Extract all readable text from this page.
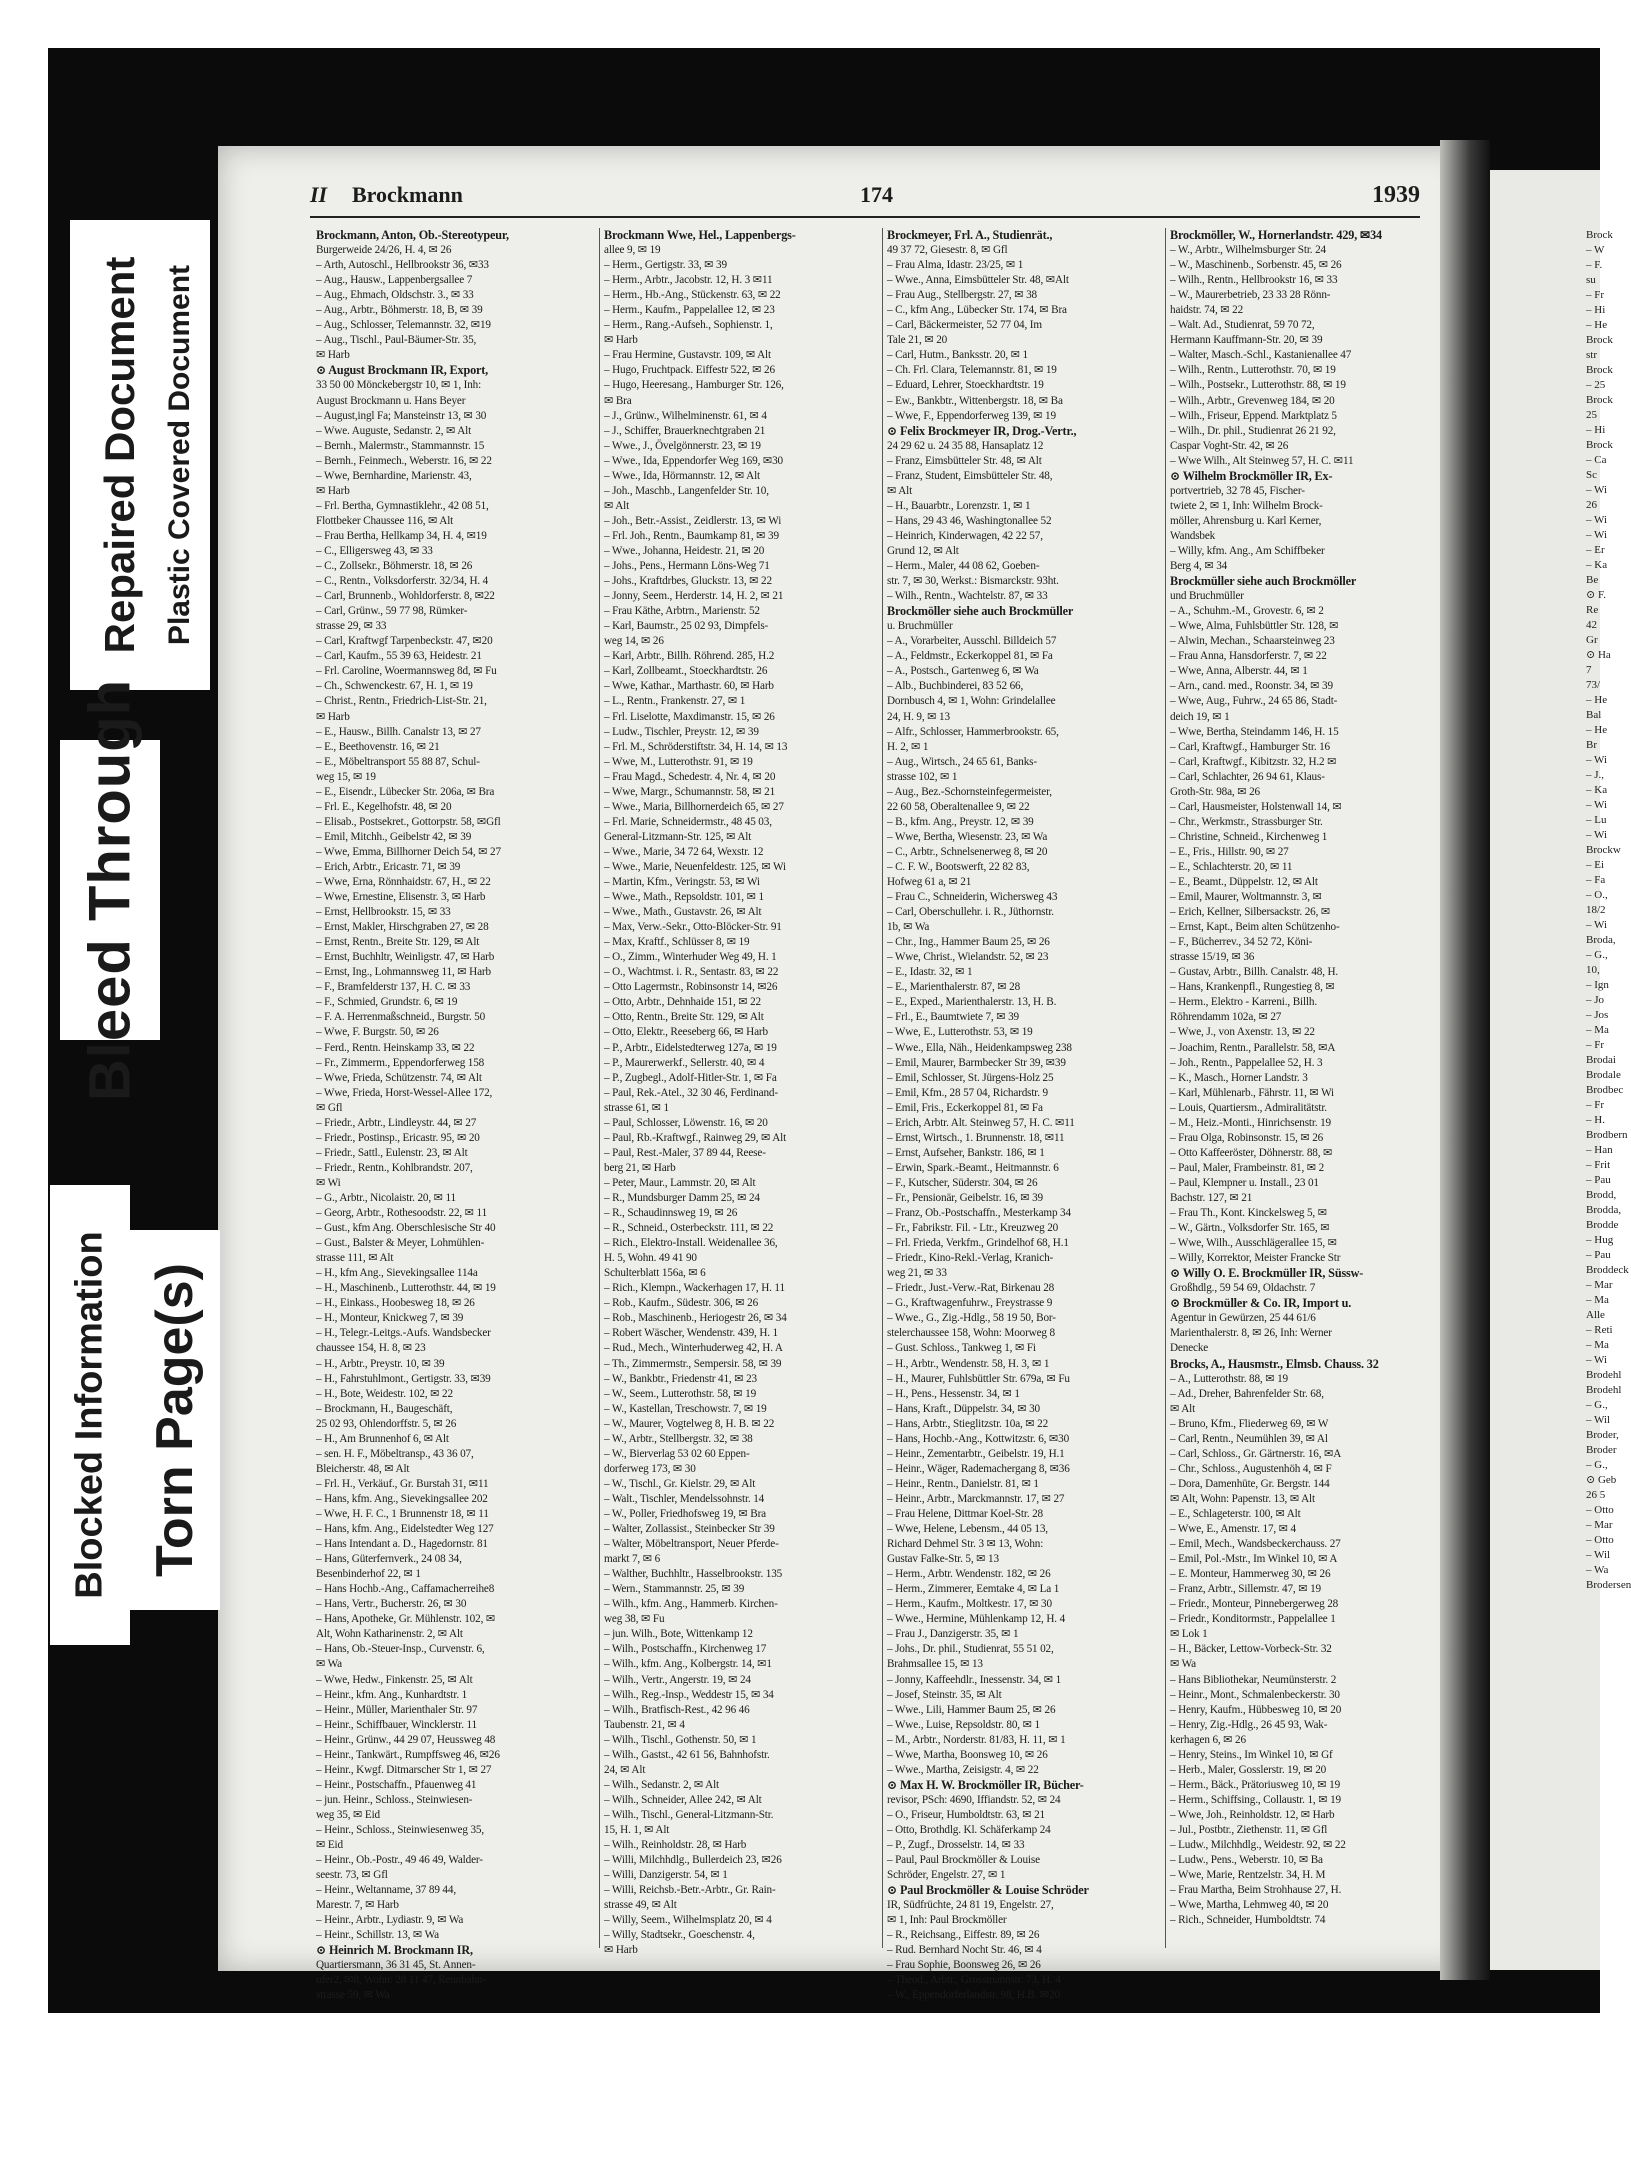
II Brockmann	174	1939
Brockmann, Anton, Ob.-Stereotypeur,
Burgerweide 24/26, H. 4, ✉ 26
– Arth, Autoschl., Hellbrookstr 36, ✉33
– Aug., Hausw., Lappenbergsallee 7
– Aug., Ehmach, Oldschstr. 3., ✉ 33
– Aug., Arbtr., Böhmerstr. 18, B, ✉ 39
– Aug., Schlosser, Telemannstr. 32, ✉19
– Aug., Tischl., Paul-Bäumer-Str. 35,
✉ Harb
⊙ August Brockmann IR, Export,
33 50 00 Mönckebergstr 10, ✉ 1, Inh:
August Brockmann u. Hans Beyer
– August,ingl Fa; Mansteinstr 13, ✉ 30
– Wwe. Auguste, Sedanstr. 2, ✉ Alt
– Bernh., Malermstr., Stammannstr. 15
– Bernh., Feinmech., Weberstr. 16, ✉ 22
– Wwe, Bernhardine, Marienstr. 43,
✉ Harb
– Frl. Bertha, Gymnastiklehr., 42 08 51,
Flottbeker Chaussee 116, ✉ Alt
– Frau Bertha, Hellkamp 34, H. 4, ✉19
– C., Elligersweg 43, ✉ 33
– C., Zollsekr., Böhmerstr. 18, ✉ 26
– C., Rentn., Volksdorferstr. 32/34, H. 4
– Carl, Brunnenb., Wohldorferstr. 8, ✉22
– Carl, Grünw., 59 77 98, Rümker-
strasse 29, ✉ 33
– Carl, Kraftwgf Tarpenbeckstr. 47, ✉20
– Carl, Kaufm., 55 39 63, Heidestr. 21
– Frl. Caroline, Woermannsweg 8d, ✉ Fu
– Ch., Schwenckestr. 67, H. 1, ✉ 19
– Christ., Rentn., Friedrich-List-Str. 21,
✉ Harb
– E., Hausw., Billh. Canalstr 13, ✉ 27
– E., Beethovenstr. 16, ✉ 21
– E., Möbeltransport 55 88 87, Schul-
weg 15, ✉ 19
– E., Eisendr., Lübecker Str. 206a, ✉ Bra
– Frl. E., Kegelhofstr. 48, ✉ 20
– Elisab., Postsekret., Gottorpstr. 58, ✉Gfl
– Emil, Mitchh., Geibelstr 42, ✉ 39
– Wwe, Emma, Billhorner Deich 54, ✉ 27
– Erich, Arbtr., Ericastr. 71, ✉ 39
– Wwe, Erna, Rönnhaidstr. 67, H., ✉ 22
– Wwe, Ernestine, Elisenstr. 3, ✉ Harb
– Ernst, Hellbrookstr. 15, ✉ 33
– Ernst, Makler, Hirschgraben 27, ✉ 28
– Ernst, Rentn., Breite Str. 129, ✉ Alt
– Ernst, Buchhltr, Weinligstr. 47, ✉ Harb
– Ernst, Ing., Lohmannsweg 11, ✉ Harb
– F., Bramfelderstr 137, H. C. ✉ 33
– F., Schmied, Grundstr. 6, ✉ 19
– F. A. Herrenmaßschneid., Burgstr. 50
– Wwe, F. Burgstr. 50, ✉ 26
– Ferd., Rentn. Heinskamp 33, ✉ 22
– Fr., Zimmerm., Eppendorferweg 158
– Wwe, Frieda, Schützenstr. 74, ✉ Alt
– Wwe, Frieda, Horst-Wessel-Allee 172,
✉ Gfl
– Friedr., Arbtr., Lindleystr. 44, ✉ 27
– Friedr., Postinsp., Ericastr. 95, ✉ 20
– Friedr., Sattl., Eulenstr. 23, ✉ Alt
– Friedr., Rentn., Kohlbrandstr. 207,
✉ Wi
– G., Arbtr., Nicolaistr. 20, ✉ 11
– Georg, Arbtr., Rothesoodstr. 22, ✉ 11
– Gust., kfm Ang. Oberschlesische Str 40
– Gust., Balster & Meyer, Lohmühlen-
strasse 111, ✉ Alt
– H., kfm Ang., Sievekingsallee 114a
– H., Maschinenb., Lutterothstr. 44, ✉ 19
– H., Einkass., Hoobesweg 18, ✉ 26
– H., Monteur, Knickweg 7, ✉ 39
– H., Telegr.-Leitgs.-Aufs. Wandsbecker
chaussee 154, H. 8, ✉ 23
– H., Arbtr., Preystr. 10, ✉ 39
– H., Fahrstuhlmont., Gertigstr. 33, ✉39
– H., Bote, Weidestr. 102, ✉ 22
– Brockmann, H., Baugeschäft,
25 02 93, Ohlendorffstr. 5, ✉ 26
– H., Am Brunnenhof 6, ✉ Alt
– sen. H. F., Möbeltransp., 43 36 07,
Bleicherstr. 48, ✉ Alt
– Frl. H., Verkäuf., Gr. Burstah 31, ✉11
– Hans, kfm. Ang., Sievekingsallee 202
– Wwe, H. F. C., 1 Brunnenstr 18, ✉ 11
– Hans, kfm. Ang., Eidelstedter Weg 127
– Hans Intendant a. D., Hagedornstr. 81
– Hans, Güterfernverk., 24 08 34,
Besenbinderhof 22, ✉ 1
– Hans Hochb.-Ang., Caffamacherreihe8
– Hans, Vertr., Bucherstr. 26, ✉ 30
– Hans, Apotheke, Gr. Mühlenstr. 102, ✉
Alt, Wohn Katharinenstr. 2, ✉ Alt
– Hans, Ob.-Steuer-Insp., Curvenstr. 6,
✉ Wa
– Wwe, Hedw., Finkenstr. 25, ✉ Alt
– Heinr., kfm. Ang., Kunhardtstr. 1
– Heinr., Müller, Marienthaler Str. 97
– Heinr., Schiffbauer, Wincklerstr. 11
– Heinr., Grünw., 44 29 07, Heussweg 48
– Heinr., Tankwärt., Rumpffsweg 46, ✉26
– Heinr., Kwgf. Ditmarscher Str 1, ✉ 27
– Heinr., Postschaffn., Pfauenweg 41
– jun. Heinr., Schloss., Steinwiesen-
weg 35, ✉ Eid
– Heinr., Schloss., Steinwiesenweg 35,
✉ Eid
– Heinr., Ob.-Postr., 49 46 49, Walder-
seestr. 73, ✉ Gfl
– Heinr., Weltanname, 37 89 44,
Marestr. 7, ✉ Harb
– Heinr., Arbtr., Lydiastr. 9, ✉ Wa
– Heinr., Schillstr. 13, ✉ Wa
⊙ Heinrich M. Brockmann IR,
Quartiersmann, 36 31 45, St. Annen-
ufer2, ✉8, Wohn: 28 11 47, Rennbahn-
strasse 59, ✉ Wa
Brockmann Wwe, Hel., Lappenbergs-
allee 9, ✉ 19
– Herm., Gertigstr. 33, ✉ 39
– Herm., Arbtr., Jacobstr. 12, H. 3 ✉11
– Herm., Hb.-Ang., Stückenstr. 63, ✉ 22
– Herm., Kaufm., Pappelallee 12, ✉ 23
– Herm., Rang.-Aufseh., Sophienstr. 1,
✉ Harb
– Frau Hermine, Gustavstr. 109, ✉ Alt
– Hugo, Fruchtpack. Eiffestr 522, ✉ 26
– Hugo, Heeresang., Hamburger Str. 126,
✉ Bra
– J., Grünw., Wilhelminenstr. 61, ✉ 4
– J., Schiffer, Brauerknechtgraben 21
– Wwe., J., Övelgönnerstr. 23, ✉ 19
– Wwe., Ida, Eppendorfer Weg 169, ✉30
– Wwe., Ida, Hörmannstr. 12, ✉ Alt
– Joh., Maschb., Langenfelder Str. 10,
✉ Alt
– Joh., Betr.-Assist., Zeidlerstr. 13, ✉ Wi
– Frl. Joh., Rentn., Baumkamp 81, ✉ 39
– Wwe., Johanna, Heidestr. 21, ✉ 20
– Johs., Pens., Hermann Löns-Weg 71
– Johs., Kraftdrbes, Gluckstr. 13, ✉ 22
– Jonny, Seem., Herderstr. 14, H. 2, ✉ 21
– Frau Käthe, Arbtrn., Marienstr. 52
– Karl, Baumstr., 25 02 93, Dimpfels-
weg 14, ✉ 26
– Karl, Arbtr., Billh. Röhrend. 285, H.2
– Karl, Zollbeamt., Stoeckhardtstr. 26
– Wwe, Kathar., Marthastr. 60, ✉ Harb
– L., Rentn., Frankenstr. 27, ✉ 1
– Frl. Liselotte, Maxdimanstr. 15, ✉ 26
– Ludw., Tischler, Preystr. 12, ✉ 39
– Frl. M., Schröderstiftstr. 34, H. 14, ✉ 13
– Wwe, M., Lutterothstr. 91, ✉ 19
– Frau Magd., Schedestr. 4, Nr. 4, ✉ 20
– Wwe, Margr., Schumannstr. 58, ✉ 21
– Wwe., Maria, Billhornerdeich 65, ✉ 27
– Frl. Marie, Schneidermstr., 48 45 03,
General-Litzmann-Str. 125, ✉ Alt
– Wwe., Marie, 34 72 64, Wexstr. 12
– Wwe., Marie, Neuenfeldestr. 125, ✉ Wi
– Martin, Kfm., Veringstr. 53, ✉ Wi
– Wwe., Math., Repsoldstr. 101, ✉ 1
– Wwe., Math., Gustavstr. 26, ✉ Alt
– Max, Verw.-Sekr., Otto-Blöcker-Str. 91
– Max, Kraftf., Schlüsser 8, ✉ 19
– O., Zimm., Winterhuder Weg 49, H. 1
– O., Wachtmst. i. R., Sentastr. 83, ✉ 22
– Otto Lagermstr., Robinsonstr 14, ✉26
– Otto, Arbtr., Dehnhaide 151, ✉ 22
– Otto, Rentn., Breite Str. 129, ✉ Alt
– Otto, Elektr., Reeseberg 66, ✉ Harb
– P., Arbtr., Eidelstedterweg 127a, ✉ 19
– P., Maurerwerkf., Sellerstr. 40, ✉ 4
– P., Zugbegl., Adolf-Hitler-Str. 1, ✉ Fa
– Paul, Rek.-Atel., 32 30 46, Ferdinand-
strasse 61, ✉ 1
– Paul, Schlosser, Löwenstr. 16, ✉ 20
– Paul, Rb.-Kraftwgf., Rainweg 29, ✉ Alt
– Paul, Rest.-Maler, 37 89 44, Reese-
berg 21, ✉ Harb
– Peter, Maur., Lammstr. 20, ✉ Alt
– R., Mundsburger Damm 25, ✉ 24
– R., Schaudinnsweg 19, ✉ 26
– R., Schneid., Osterbeckstr. 111, ✉ 22
– Rich., Elektro-Install. Weidenallee 36,
H. 5, Wohn. 49 41 90
Schulterblatt 156a, ✉ 6
– Rich., Klempn., Wackerhagen 17, H. 11
– Rob., Kaufm., Südestr. 306, ✉ 26
– Rob., Maschinenb., Heriogestr 26, ✉ 34
– Robert Wäscher, Wendenstr. 439, H. 1
– Rud., Mech., Winterhuderweg 42, H. A
– Th., Zimmermstr., Sempersir. 58, ✉ 39
– W., Bankbtr., Friedenstr 41, ✉ 23
– W., Seem., Lutterothstr. 58, ✉ 19
– W., Kastellan, Treschowstr. 7, ✉ 19
– W., Maurer, Vogtelweg 8, H. B. ✉ 22
– W., Arbtr., Stellbergstr. 32, ✉ 38
– W., Bierverlag 53 02 60 Eppen-
dorferweg 173, ✉ 30
– W., Tischl., Gr. Kielstr. 29, ✉ Alt
– Walt., Tischler, Mendelssohnstr. 14
– W., Poller, Friedhofsweg 19, ✉ Bra
– Walter, Zollassist., Steinbecker Str 39
– Walter, Möbeltransport, Neuer Pferde-
markt 7, ✉ 6
– Walther, Buchhltr., Hasselbrookstr. 135
– Wern., Stammannstr. 25, ✉ 39
– Wilh., kfm. Ang., Hammerb. Kirchen-
weg 38, ✉ Fu
– jun. Wilh., Bote, Wittenkamp 12
– Wilh., Postschaffn., Kirchenweg 17
– Wilh., kfm. Ang., Kolbergstr. 14, ✉1
– Wilh., Vertr., Angerstr. 19, ✉ 24
– Wilh., Reg.-Insp., Weddestr 15, ✉ 34
– Wilh., Bratfisch-Rest., 42 96 46
Taubenstr. 21, ✉ 4
– Wilh., Tischl., Gothenstr. 50, ✉ 1
– Wilh., Gastst., 42 61 56, Bahnhofstr.
24, ✉ Alt
– Wilh., Sedanstr. 2, ✉ Alt
– Wilh., Schneider, Allee 242, ✉ Alt
– Wilh., Tischl., General-Litzmann-Str.
15, H. 1, ✉ Alt
– Wilh., Reinholdstr. 28, ✉ Harb
– Willi, Milchhdlg., Bullerdeich 23, ✉26
– Willi, Danzigerstr. 54, ✉ 1
– Willi, Reichsb.-Betr.-Arbtr., Gr. Rain-
strasse 49, ✉ Alt
– Willy, Seem., Wilhelmsplatz 20, ✉ 4
– Willy, Stadtsekr., Goeschenstr. 4,
✉ Harb
Brockmeyer, Frl. A., Studienrät.,
49 37 72, Giesestr. 8, ✉ Gfl
– Frau Alma, Idastr. 23/25, ✉ 1
– Wwe., Anna, Eimsbütteler Str. 48, ✉Alt
– Frau Aug., Stellbergstr. 27, ✉ 38
– C., kfm Ang., Lübecker Str. 174, ✉ Bra
– Carl, Bäckermeister, 52 77 04, Im
Tale 21, ✉ 20
– Carl, Hutm., Banksstr. 20, ✉ 1
– Ch. Frl. Clara, Telemannstr. 81, ✉ 19
– Eduard, Lehrer, Stoeckhardtstr. 19
– Ew., Bankbtr., Wittenbergstr. 18, ✉ Ba
– Wwe, F., Eppendorferweg 139, ✉ 19
⊙ Felix Brockmeyer IR, Drog.-Vertr.,
24 29 62 u. 24 35 88, Hansaplatz 12
– Franz, Eimsbütteler Str. 48, ✉ Alt
– Franz, Student, Eimsbütteler Str. 48,
✉ Alt
– H., Bauarbtr., Lorenzstr. 1, ✉ 1
– Hans, 29 43 46, Washingtonallee 52
– Heinrich, Kinderwagen, 42 22 57,
Grund 12, ✉ Alt
– Herm., Maler, 44 08 62, Goeben-
str. 7, ✉ 30, Werkst.: Bismarckstr. 93ht.
– Wilh., Rentn., Wachtelstr. 87, ✉ 33
Brockmöller siehe auch Brockmüller
u. Bruchmüller
– A., Vorarbeiter, Ausschl. Billdeich 57
– A., Feldmstr., Eckerkoppel 81, ✉ Fa
– A., Postsch., Gartenweg 6, ✉ Wa
– Alb., Buchbinderei, 83 52 66,
Dornbusch 4, ✉ 1, Wohn: Grindelallee
24, H. 9, ✉ 13
– Alfr., Schlosser, Hammerbrookstr. 65,
H. 2, ✉ 1
– Aug., Wirtsch., 24 65 61, Banks-
strasse 102, ✉ 1
– Aug., Bez.-Schornsteinfegermeister,
22 60 58, Oberaltenallee 9, ✉ 22
– B., kfm. Ang., Preystr. 12, ✉ 39
– Wwe, Bertha, Wiesenstr. 23, ✉ Wa
– C., Arbtr., Schnelsenerweg 8, ✉ 20
– C. F. W., Bootswerft, 22 82 83,
Hofweg 61 a, ✉ 21
– Frau C., Schneiderin, Wichersweg 43
– Carl, Oberschullehr. i. R., Jüthornstr.
1b, ✉ Wa
– Chr., Ing., Hammer Baum 25, ✉ 26
– Wwe, Christ., Wielandstr. 52, ✉ 23
– E., Idastr. 32, ✉ 1
– E., Marienthalerstr. 87, ✉ 28
– E., Exped., Marienthalerstr. 13, H. B.
– Frl., E., Baumtwiete 7, ✉ 39
– Wwe, E., Lutterothstr. 53, ✉ 19
– Wwe., Ella, Näh., Heidenkampsweg 238
– Emil, Maurer, Barmbecker Str 39, ✉39
– Emil, Schlosser, St. Jürgens-Holz 25
– Emil, Kfm., 28 57 04, Richardstr. 9
– Emil, Fris., Eckerkoppel 81, ✉ Fa
– Erich, Arbtr. Alt. Steinweg 57, H. C. ✉11
– Ernst, Wirtsch., 1. Brunnenstr. 18, ✉11
– Ernst, Aufseher, Bankstr. 186, ✉ 1
– Erwin, Spark.-Beamt., Heitmannstr. 6
– F., Kutscher, Süderstr. 304, ✉ 26
– Fr., Pensionär, Geibelstr. 16, ✉ 39
– Franz, Ob.-Postschaffn., Mesterkamp 34
– Fr., Fabrikstr. Fil. - Ltr., Kreuzweg 20
– Frl. Frieda, Verkfm., Grindelhof 68, H.1
– Friedr., Kino-Rekl.-Verlag, Kranich-
weg 21, ✉ 33
– Friedr., Just.-Verw.-Rat, Birkenau 28
– G., Kraftwagenfuhrw., Freystrasse 9
– Wwe., G., Zig.-Hdlg., 58 19 50, Bor-
stelerchaussee 158, Wohn: Moorweg 8
– Gust. Schloss., Tankweg 1, ✉ Fi
– H., Arbtr., Wendenstr. 58, H. 3, ✉ 1
– H., Maurer, Fuhlsbüttler Str. 679a, ✉ Fu
– H., Pens., Hessenstr. 34, ✉ 1
– Hans, Kraft., Düppelstr. 34, ✉ 30
– Hans, Arbtr., Stieglitzstr. 10a, ✉ 22
– Hans, Hochb.-Ang., Kottwitzstr. 6, ✉30
– Heinr., Zementarbtr., Geibelstr. 19, H.1
– Heinr., Wäger, Rademachergang 8, ✉36
– Heinr., Rentn., Danielstr. 81, ✉ 1
– Heinr., Arbtr., Marckmannstr. 17, ✉ 27
– Frau Helene, Dittmar Koel-Str. 28
– Wwe, Helene, Lebensm., 44 05 13,
Richard Dehmel Str. 3 ✉ 13, Wohn:
Gustav Falke-Str. 5, ✉ 13
– Herm., Arbtr. Wendenstr. 182, ✉ 26
– Herm., Zimmerer, Eemtake 4, ✉ La 1
– Herm., Kaufm., Moltkestr. 17, ✉ 30
– Wwe., Hermine, Mühlenkamp 12, H. 4
– Frau J., Danzigerstr. 35, ✉ 1
– Johs., Dr. phil., Studienrat, 55 51 02,
Brahmsallee 15, ✉ 13
– Jonny, Kaffeehdlr., Inessenstr. 34, ✉ 1
– Josef, Steinstr. 35, ✉ Alt
– Wwe., Lili, Hammer Baum 25, ✉ 26
– Wwe., Luise, Repsoldstr. 80, ✉ 1
– M., Arbtr., Norderstr. 81/83, H. 11, ✉ 1
– Wwe, Martha, Boonsweg 10, ✉ 26
– Wwe., Martha, Zeisigstr. 4, ✉ 22
⊙ Max H. W. Brockmöller IR, Bücher-
revisor, PSch: 4690, Iffiandstr. 52, ✉ 24
– O., Friseur, Humboldtstr. 63, ✉ 21
– Otto, Brothdlg. Kl. Schäferkamp 24
– P., Zugf., Drosselstr. 14, ✉ 33
– Paul, Paul Brockmöller & Louise
Schröder, Engelstr. 27, ✉ 1
⊙ Paul Brockmöller & Louise Schröder
IR, Südfrüchte, 24 81 19, Engelstr. 27,
✉ 1, Inh: Paul Brockmöller
– R., Reichsang., Eiffestr. 89, ✉ 26
– Rud. Bernhard Nocht Str. 46, ✉ 4
– Frau Sophie, Boonsweg 26, ✉ 26
– Theod., Arbtr., Grossmannstr. 73, H. 4
– W., Eppendorferlandstr. 98, H.B. ✉20
Brockmöller, W., Hornerlandstr. 429, ✉34
– W., Arbtr., Wilhelmsburger Str. 24
– W., Maschinenb., Sorbenstr. 45, ✉ 26
– Wilh., Rentn., Hellbrookstr 16, ✉ 33
– W., Maurerbetrieb, 23 33 28 Rönn-
haidstr. 74, ✉ 22
– Walt. Ad., Studienrat, 59 70 72,
Hermann Kauffmann-Str. 20, ✉ 39
– Walter, Masch.-Schl., Kastanienallee 47
– Wilh., Rentn., Lutterothstr. 70, ✉ 19
– Wilh., Postsekr., Lutterothstr. 88, ✉ 19
– Wilh., Arbtr., Grevenweg 184, ✉ 20
– Wilh., Friseur, Eppend. Marktplatz 5
– Wilh., Dr. phil., Studienrat 26 21 92,
Caspar Voght-Str. 42, ✉ 26
– Wwe Wilh., Alt Steinweg 57, H. C. ✉11
⊙ Wilhelm Brockmöller IR, Ex-
portvertrieb, 32 78 45, Fischer-
twiete 2, ✉ 1, Inh: Wilhelm Brock-
möller, Ahrensburg u. Karl Kerner,
Wandsbek
– Willy, kfm. Ang., Am Schiffbeker
Berg 4, ✉ 34
Brockmüller siehe auch Brockmöller
und Bruchmüller
– A., Schuhm.-M., Grovestr. 6, ✉ 2
– Wwe, Alma, Fuhlsbüttler Str. 128, ✉
– Alwin, Mechan., Schaarsteinweg 23
– Frau Anna, Hansdorferstr. 7, ✉ 22
– Wwe, Anna, Alberstr. 44, ✉ 1
– Arn., cand. med., Roonstr. 34, ✉ 39
– Wwe, Aug., Fuhrw., 24 65 86, Stadt-
deich 19, ✉ 1
– Wwe, Bertha, Steindamm 146, H. 15
– Carl, Kraftwgf., Hamburger Str. 16
– Carl, Kraftwgf., Kibitzstr. 32, H.2 ✉
– Carl, Schlachter, 26 94 61, Klaus-
Groth-Str. 98a, ✉ 26
– Carl, Hausmeister, Holstenwall 14, ✉
– Chr., Werkmstr., Strassburger Str.
– Christine, Schneid., Kirchenweg 1
– E., Fris., Hillstr. 90, ✉ 27
– E., Schlachterstr. 20, ✉ 11
– E., Beamt., Düppelstr. 12, ✉ Alt
– Emil, Maurer, Woltmannstr. 3, ✉
– Erich, Kellner, Silbersackstr. 26, ✉
– Ernst, Kapt., Beim alten Schützenho-
– F., Bücherrev., 34 52 72, Köni-
strasse 15/19, ✉ 36
– Gustav, Arbtr., Billh. Canalstr. 48, H.
– Hans, Krankenpfl., Rungestieg 8, ✉
– Herm., Elektro - Karreni., Billh.
Röhrendamm 102a, ✉ 27
– Wwe, J., von Axenstr. 13, ✉ 22
– Joachim, Rentn., Parallelstr. 58, ✉A
– Joh., Rentn., Pappelallee 52, H. 3
– K., Masch., Horner Landstr. 3
– Karl, Mühlenarb., Fährstr. 11, ✉ Wi
– Louis, Quartiersm., Admiralitätstr.
– M., Heiz.-Monti., Hinrichsenstr. 19
– Frau Olga, Robinsonstr. 15, ✉ 26
– Otto Kaffeeröster, Döhnerstr. 88, ✉
– Paul, Maler, Frambeinstr. 81, ✉ 2
– Paul, Klempner u. Install., 23 01
Bachstr. 127, ✉ 21
– Frau Th., Kont. Kinckelsweg 5, ✉
– W., Gärtn., Volksdorfer Str. 165, ✉
– Wwe, Wilh., Ausschlägerallee 15, ✉
– Willy, Korrektor, Meister Francke Str
⊙ Willy O. E. Brockmüller IR, Süssw-
Großhdlg., 59 54 69, Oldachstr. 7
⊙ Brockmüller & Co. IR, Import u.
Agentur in Gewürzen, 25 44 61/6
Marienthalerstr. 8, ✉ 26, Inh: Werner
Denecke
Brocks, A., Hausmstr., Elmsb. Chauss. 32
– A., Lutterothstr. 88, ✉ 19
– Ad., Dreher, Bahrenfelder Str. 68,
✉ Alt
– Bruno, Kfm., Fliederweg 69, ✉ W
– Carl, Rentn., Neumühlen 39, ✉ Al
– Carl, Schloss., Gr. Gärtnerstr. 16, ✉A
– Chr., Schloss., Augustenhöh 4, ✉ F
– Dora, Damenhüte, Gr. Bergstr. 144
✉ Alt, Wohn: Papenstr. 13, ✉ Alt
– E., Schlageterstr. 100, ✉ Alt
– Wwe, E., Amenstr. 17, ✉ 4
– Emil, Mech., Wandsbeckerchauss. 27
– Emil, Pol.-Mstr., Im Winkel 10, ✉ A
– E. Monteur, Hammerweg 30, ✉ 26
– Franz, Arbtr., Sillemstr. 47, ✉ 19
– Friedr., Monteur, Pinnebergerweg 28
– Friedr., Konditormstr., Pappelallee 1
✉ Lok 1
– H., Bäcker, Lettow-Vorbeck-Str. 32
✉ Wa
– Hans Bibliothekar, Neumünsterstr. 2
– Heinr., Mont., Schmalenbeckerstr. 30
– Henry, Kaufm., Hübbesweg 10, ✉ 20
– Henry, Zig.-Hdlg., 26 45 93, Wak-
kerhagen 6, ✉ 26
– Henry, Steins., Im Winkel 10, ✉ Gf
– Herb., Maler, Gosslerstr. 19, ✉ 20
– Herm., Bäck., Prätoriusweg 10, ✉ 19
– Herm., Schiffsing., Collaustr. 1, ✉ 19
– Wwe, Joh., Reinholdstr. 12, ✉ Harb
– Jul., Postbtr., Ziethenstr. 11, ✉ Gfl
– Ludw., Milchhdlg., Weidestr. 92, ✉ 22
– Ludw., Pens., Weberstr. 10, ✉ Ba
– Wwe, Marie, Rentzelstr. 34, H. M
– Frau Martha, Beim Strohhause 27, H.
– Wwe, Martha, Lehmweg 40, ✉ 20
– Rich., Schneider, Humboldtstr. 74
Brock
– W
– F.
su
– Fr
– Hi
– He
Brock
str
Brock
– 25
Brock
25
– Hi
Brock
– Ca
Sc
– Wi
26
– Wi
– Wi
– Er
– Ka
Be
⊙ F.
Re
42
Gr
⊙ Ha
7
73/
– He
Bal
– He
Br
– Wi
– J.,
– Ka
– Wi
– Lu
– Wi
Brockw
– Ei
– Fa
– O.,
18/2
– Wi
Broda,
– G.,
10,
– Ign
– Jo
– Jos
– Ma
– Fr
Brodai
Brodale
Brodbec
– Fr
– H.
Brodbern
– Han
– Frit
– Pau
Brodd,
Brodda,
Brodde
– Hug
– Pau
Broddeck
– Mar
– Ma
Alle
– Reti
– Ma
– Wi
Brodehl
Brodehl
– G.,
– Wil
Broder,
Broder
– G.,
⊙ Geb
26 5
– Otto
– Mar
– Otto
– Wil
– Wa
Brodersen
Repaired Document Plastic Covered Document
Bleed Through
Blocked Information Torn Page(s)
